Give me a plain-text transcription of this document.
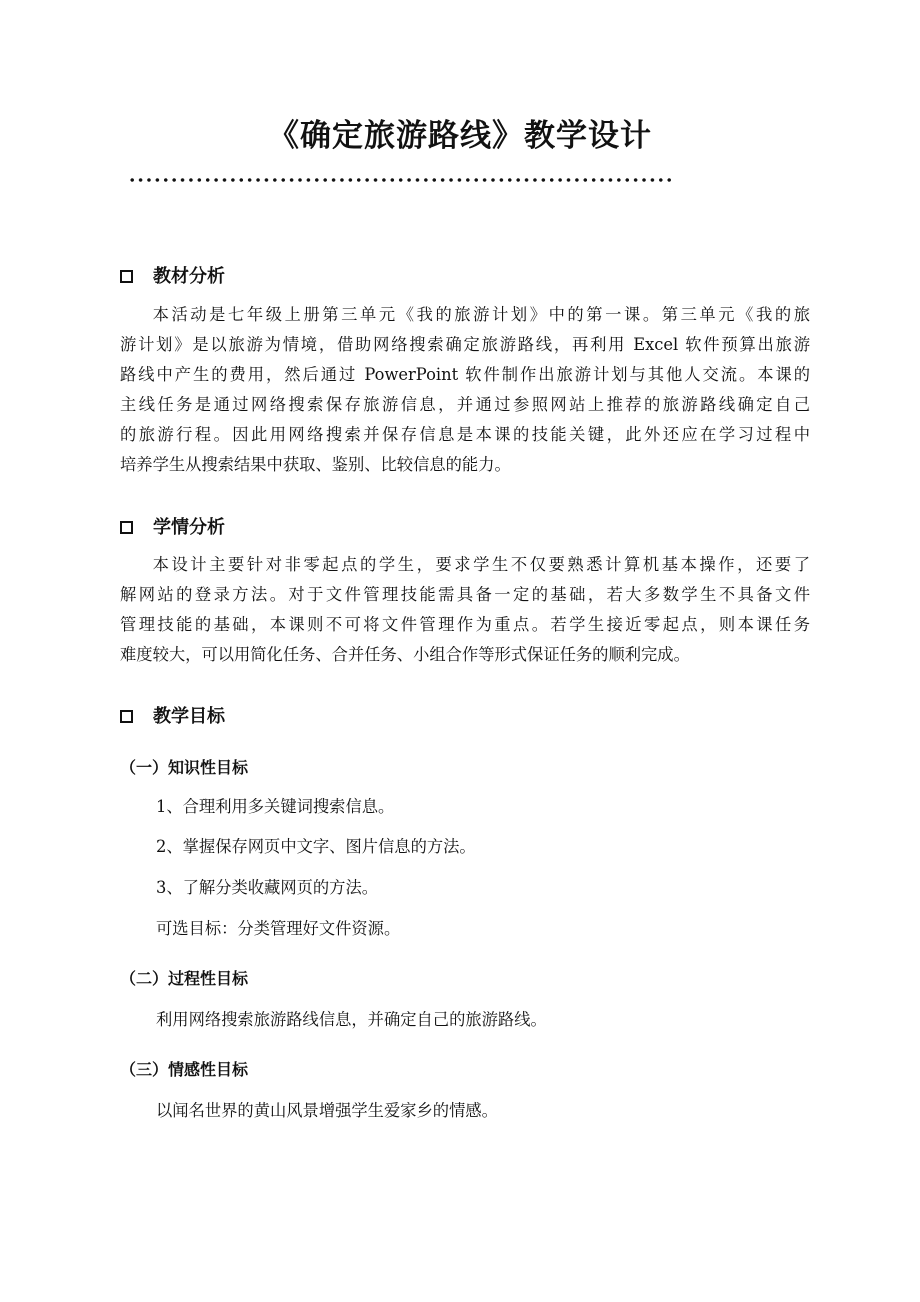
《确定旅游路线》教学设计
教材分析
本活动是七年级上册第三单元《我的旅游计划》中的第一课。第三单元《我的旅
游计划》是以旅游为情境，借助网络搜索确定旅游路线，再利用 Excel 软件预算出旅游
路线中产生的费用，然后通过 PowerPoint 软件制作出旅游计划与其他人交流。本课的
主线任务是通过网络搜索保存旅游信息，并通过参照网站上推荐的旅游路线确定自己
的旅游行程。因此用网络搜索并保存信息是本课的技能关键，此外还应在学习过程中
培养学生从搜索结果中获取、鉴别、比较信息的能力。
学情分析
本设计主要针对非零起点的学生，要求学生不仅要熟悉计算机基本操作，还要了
解网站的登录方法。对于文件管理技能需具备一定的基础，若大多数学生不具备文件
管理技能的基础，本课则不可将文件管理作为重点。若学生接近零起点，则本课任务
难度较大，可以用简化任务、合并任务、小组合作等形式保证任务的顺利完成。
教学目标
（一）知识性目标
1、合理利用多关键词搜索信息。
2、掌握保存网页中文字、图片信息的方法。
3、了解分类收藏网页的方法。
可选目标：分类管理好文件资源。
（二）过程性目标
利用网络搜索旅游路线信息，并确定自己的旅游路线。
（三）情感性目标
以闻名世界的黄山风景增强学生爱家乡的情感。
